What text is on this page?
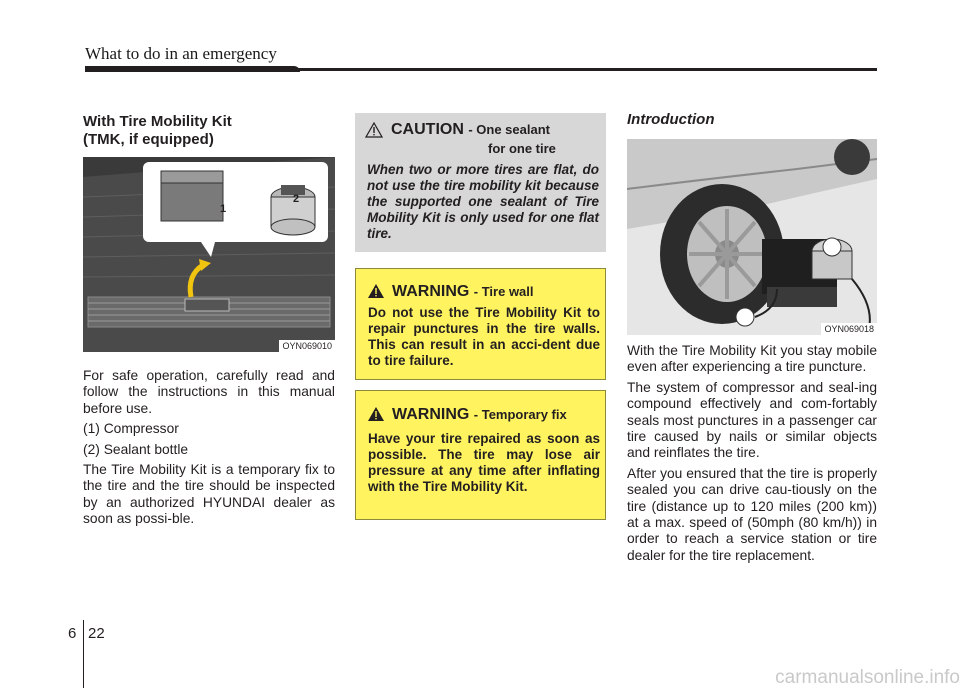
What to do in an emergency

With Tire Mobility Kit

(TMK, if equipped)

1
2
OYN069010

For safe operation, carefully read and follow the instructions in this manual before use.

(1) Compressor

(2) Sealant bottle

The Tire Mobility Kit is a temporary fix to the tire and the tire should be inspected by an authorized HYUNDAI dealer as soon as possi-ble.

CAUTION - One sealant
for one tire
When two or more tires are flat, do not use the tire mobility kit because the supported one sealant of Tire Mobility Kit is only used for one flat tire.
WARNING - Tire wall
Do not use the Tire Mobility Kit to repair punctures in the tire walls. This can result in an acci-dent due to tire failure.
WARNING - Temporary fix
Have your tire repaired as soon as possible. The tire may lose air pressure at any time after inflating with the Tire Mobility Kit.

Introduction

OYN069018

With the Tire Mobility Kit you stay mobile even after experiencing a tire puncture.

The system of compressor and seal-ing compound effectively and com-fortably seals most punctures in a passenger car tire caused by nails or similar objects and reinflates the tire.

After you ensured that the tire is properly sealed you can drive cau-tiously on the tire (distance up to 120 miles (200 km)) at a max. speed of (50mph (80 km/h)) in order to reach a service station or tire dealer for the tire replacement.

6 22
carmanualsonline.info
